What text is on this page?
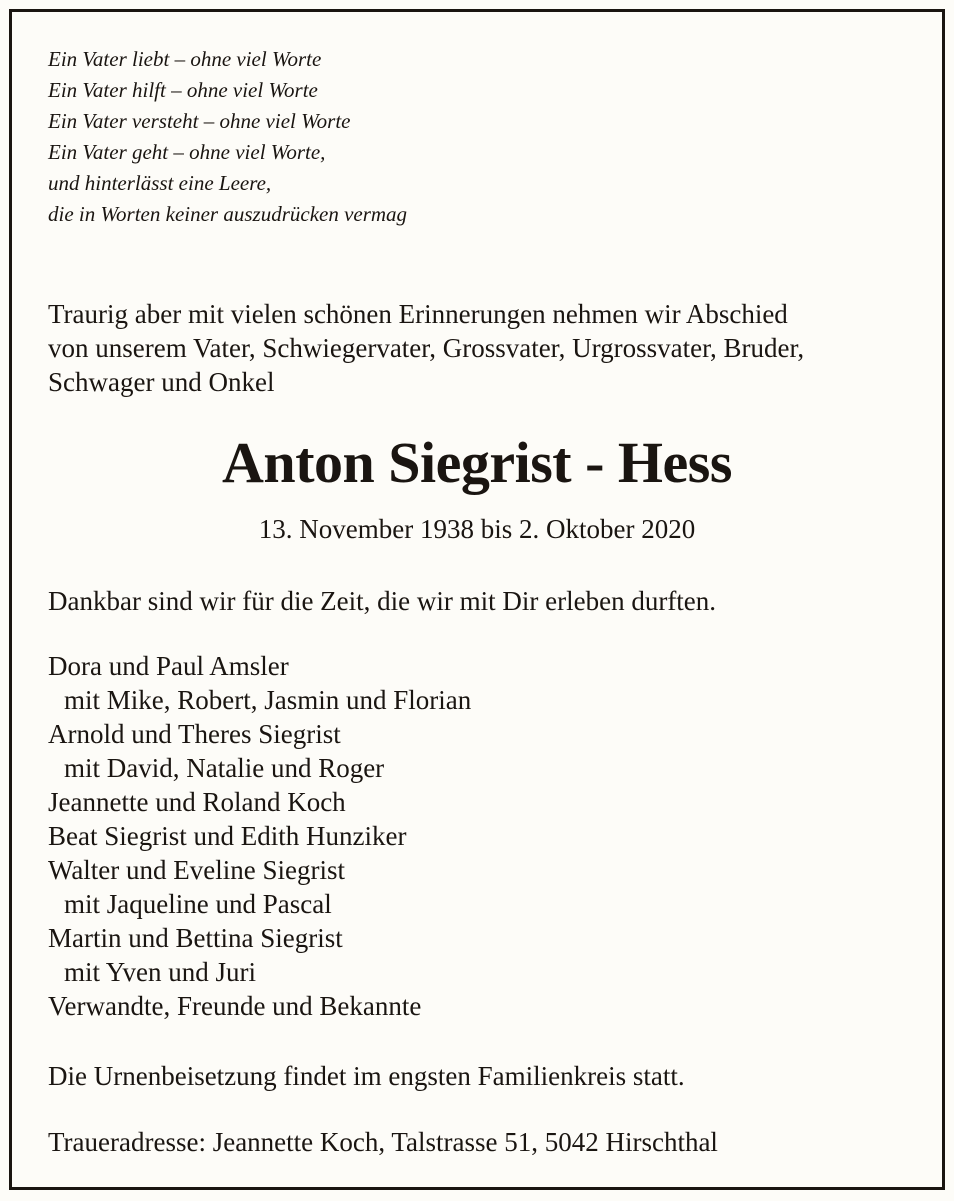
Ein Vater liebt – ohne viel Worte
Ein Vater hilft – ohne viel Worte
Ein Vater versteht – ohne viel Worte
Ein Vater geht – ohne viel Worte,
und hinterlässt eine Leere,
die in Worten keiner auszudrücken vermag
Traurig aber mit vielen schönen Erinnerungen nehmen wir Abschied
von unserem Vater, Schwiegervater, Grossvater, Urgrossvater, Bruder,
Schwager und Onkel
Anton Siegrist - Hess
13. November 1938 bis 2. Oktober 2020
Dankbar sind wir für die Zeit, die wir mit Dir erleben durften.
Dora und Paul Amsler
mit Mike, Robert, Jasmin und Florian
Arnold und Theres Siegrist
mit David, Natalie und Roger
Jeannette und Roland Koch
Beat Siegrist und Edith Hunziker
Walter und Eveline Siegrist
mit Jaqueline und Pascal
Martin und Bettina Siegrist
mit Yven und Juri
Verwandte, Freunde und Bekannte
Die Urnenbeisetzung findet im engsten Familienkreis statt.
Traueradresse: Jeannette Koch, Talstrasse 51, 5042 Hirschthal
